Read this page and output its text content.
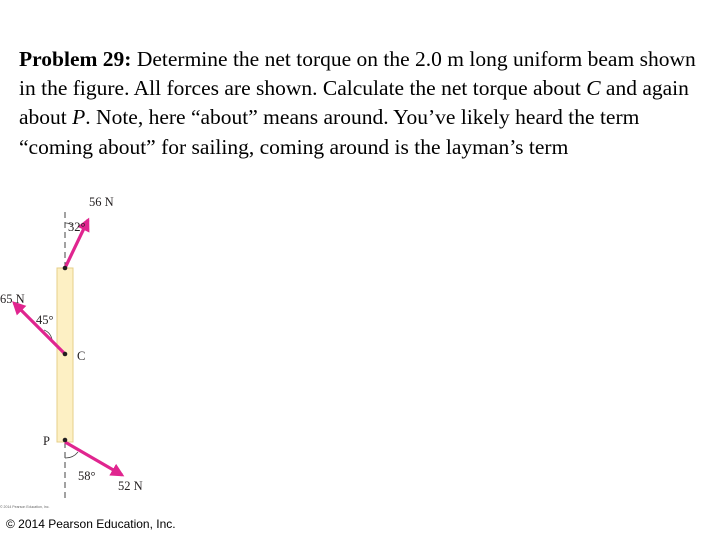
Problem 29: Determine the net torque on the 2.0 m long uniform beam shown in the figure. All forces are shown. Calculate the net torque about C and again about P. Note, here “about” means around. You’ve likely heard the term “coming about” for sailing, coming around is the layman’s term
56 N
32°
65 N
45°
C
P
58°
52 N
© 2014 Pearson Education, Inc.
© 2014 Pearson Education, Inc.
